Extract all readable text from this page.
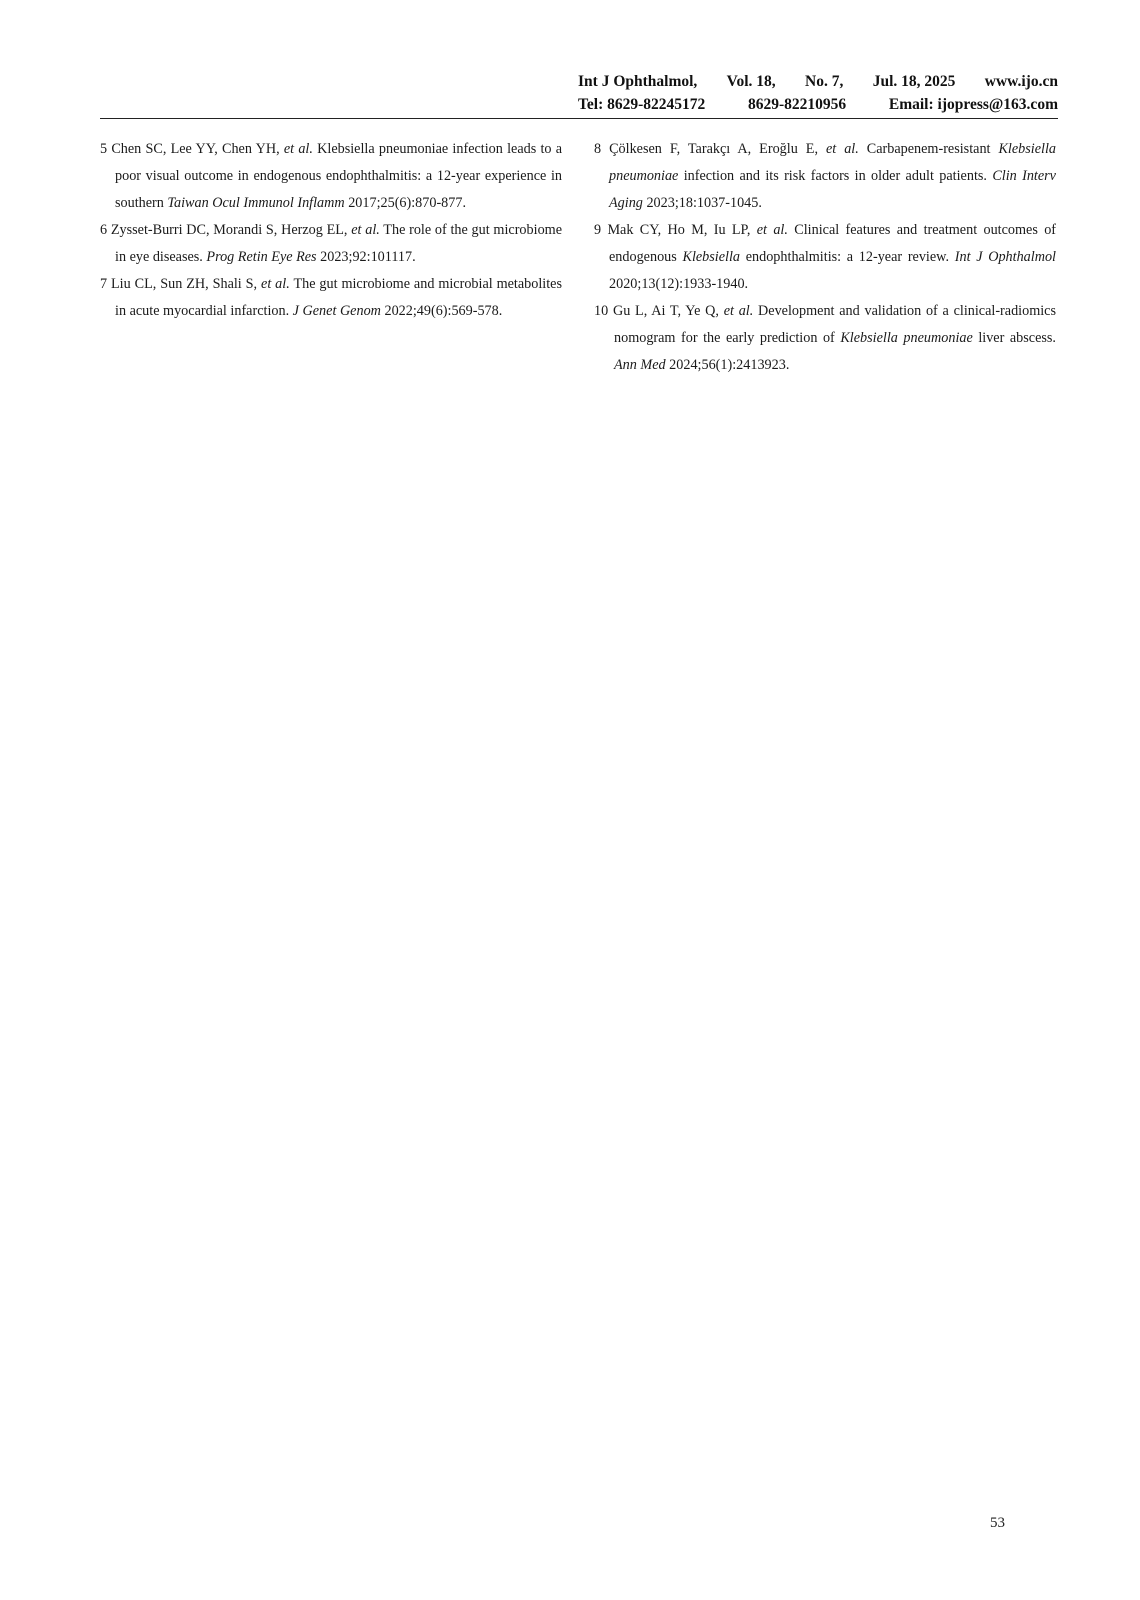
Int J Ophthalmol, Vol. 18, No. 7, Jul. 18, 2025 www.ijo.cn
Tel: 8629-82245172	8629-82210956	Email: ijopress@163.com

5 Chen SC, Lee YY, Chen YH, et al. Klebsiella pneumoniae infection leads to a poor visual outcome in endogenous endophthalmitis: a 12-year experience in southern Taiwan Ocul Immunol Inflamm 2017;25(6):870-877.

6 Zysset-Burri DC, Morandi S, Herzog EL, et al. The role of the gut microbiome in eye diseases. Prog Retin Eye Res 2023;92:101117.

7 Liu CL, Sun ZH, Shali S, et al. The gut microbiome and microbial metabolites in acute myocardial infarction. J Genet Genom 2022;49(6):569-578.

8 Çölkesen F, Tarakçı A, Eroğlu E, et al. Carbapenem-resistant Klebsiella pneumoniae infection and its risk factors in older adult patients. Clin Interv Aging 2023;18:1037-1045.

9 Mak CY, Ho M, Iu LP, et al. Clinical features and treatment outcomes of endogenous Klebsiella endophthalmitis: a 12-year review. Int J Ophthalmol 2020;13(12):1933-1940.

10 Gu L, Ai T, Ye Q, et al. Development and validation of a clinical-radiomics nomogram for the early prediction of Klebsiella pneumoniae liver abscess. Ann Med 2024;56(1):2413923.

53
